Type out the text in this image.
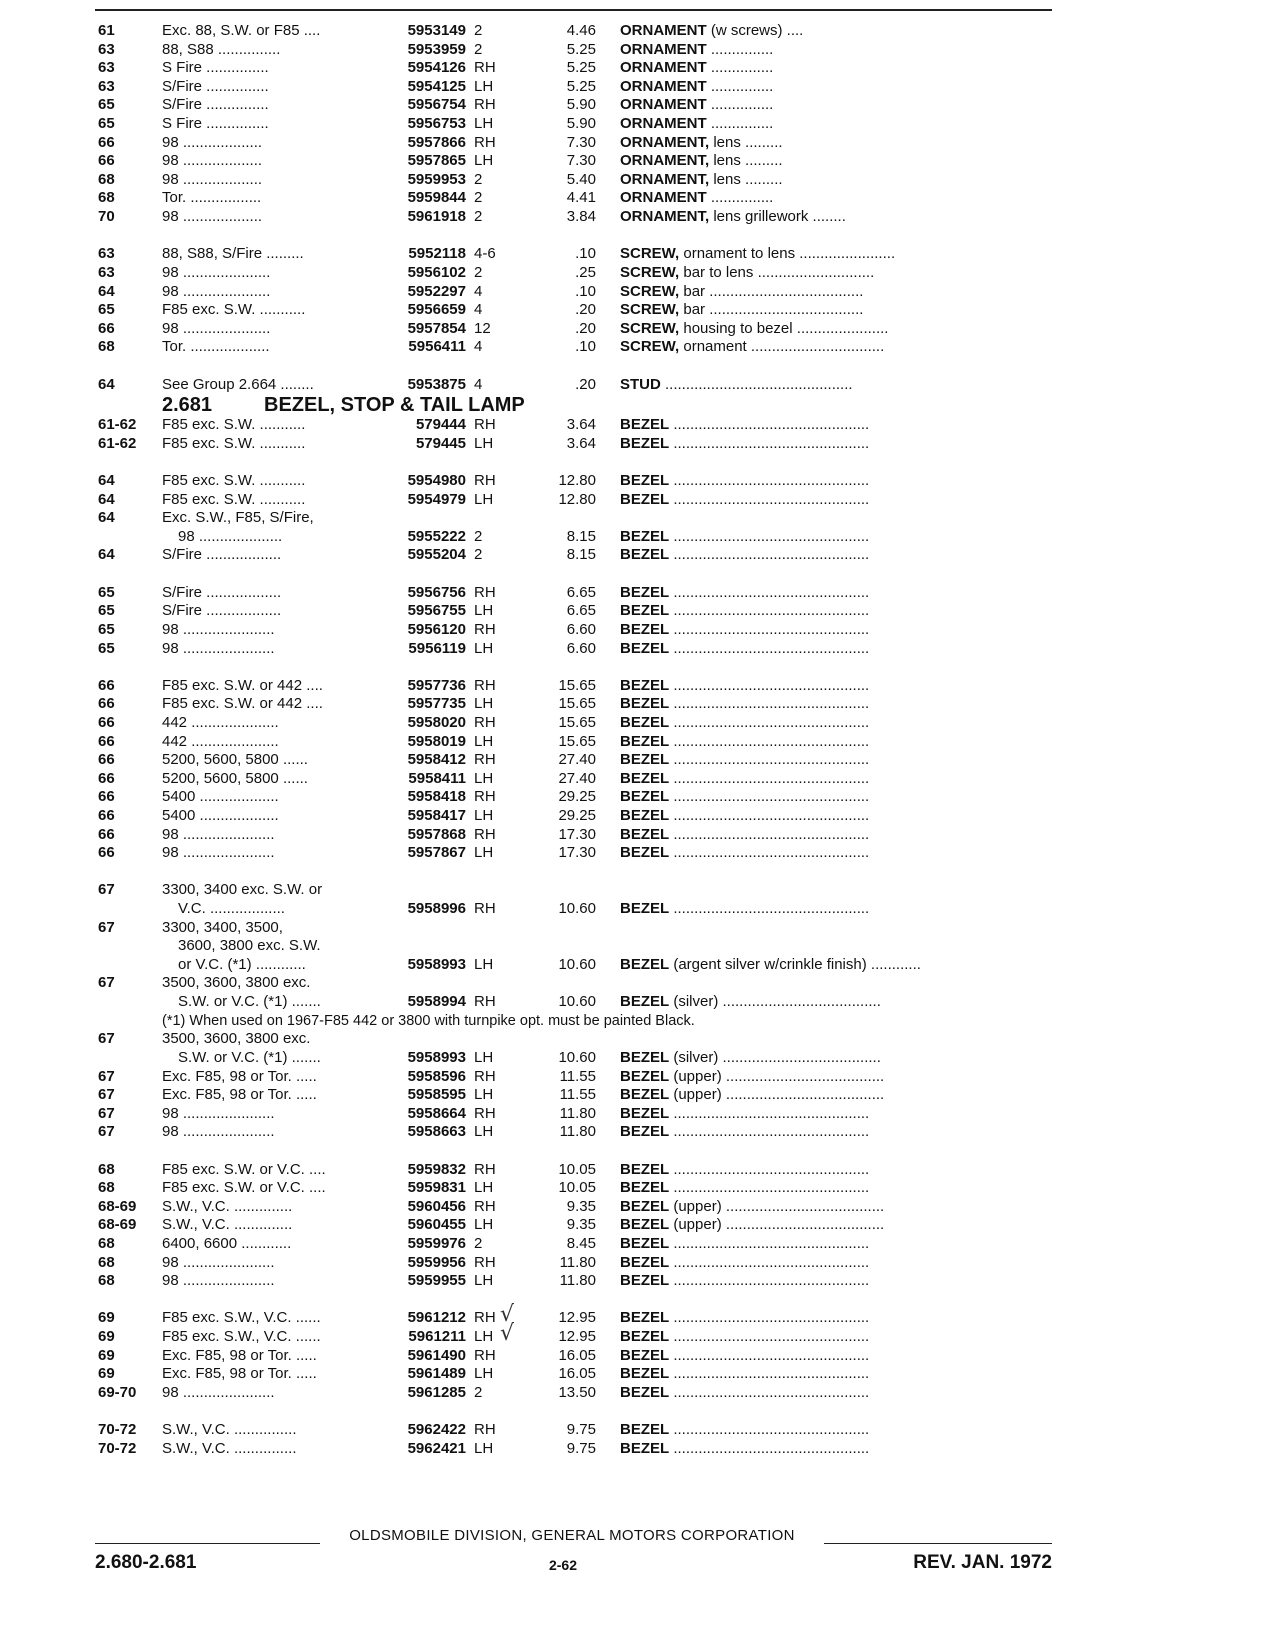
61	Exc. 88, S.W. or F85 ....	5953149 2	4.46 ORNAMENT (w screws) ....
63	88, S88 ...............	5953959 2	5.25 ORNAMENT ...............
63	S Fire ...............	5954126 RH	5.25 ORNAMENT ...............
63	S/Fire ...............	5954125 LH	5.25 ORNAMENT ...............
65	S/Fire ...............	5956754 RH	5.90 ORNAMENT ...............
65	S Fire ...............	5956753 LH	5.90 ORNAMENT ...............
66	98 ...................	5957866 RH	7.30 ORNAMENT, lens .........
66	98 ...................	5957865 LH	7.30 ORNAMENT, lens .........
68	98 ...................	5959953 2	5.40 ORNAMENT, lens .........
68	Tor. .................	5959844 2	4.41 ORNAMENT ...............
70	98 ...................	5961918 2	3.84 ORNAMENT, lens grillework ........
63	88, S88, S/Fire .........	5952118 4-6	.10 SCREW, ornament to lens .......................
63	98 .....................	5956102 2	.25 SCREW, bar to lens ............................
64	98 .....................	5952297 4	.10 SCREW, bar .....................................
65	F85 exc. S.W. ...........	5956659 4	.20 SCREW, bar .....................................
66	98 .....................	5957854 12	.20 SCREW, housing to bezel ......................
68	Tor. ...................	5956411 4	.10 SCREW, ornament ................................
64	See Group 2.664 ........	5953875 4	.20 STUD .............................................
2.681	BEZEL, STOP & TAIL LAMP
61-62 F85 exc. S.W. ...........	579444 RH	3.64 BEZEL ...............................................
61-62 F85 exc. S.W. ...........	579445 LH	3.64 BEZEL ...............................................
64	F85 exc. S.W. ...........	5954980 RH	12.80 BEZEL ...............................................
64	F85 exc. S.W. ...........	5954979 LH	12.80 BEZEL ...............................................
64	Exc. S.W., F85, S/Fire,
98 ....................	5955222 2	8.15 BEZEL ...............................................
64	S/Fire ..................	5955204 2	8.15 BEZEL ...............................................
65	S/Fire ..................	5956756 RH	6.65 BEZEL ...............................................
65	S/Fire ..................	5956755 LH	6.65 BEZEL ...............................................
65	98 ......................	5956120 RH	6.60 BEZEL ...............................................
65	98 ......................	5956119 LH	6.60 BEZEL ...............................................
66	F85 exc. S.W. or 442 ....	5957736 RH	15.65 BEZEL ...............................................
66	F85 exc. S.W. or 442 ....	5957735 LH	15.65 BEZEL ...............................................
66	442 .....................	5958020 RH	15.65 BEZEL ...............................................
66	442 .....................	5958019 LH	15.65 BEZEL ...............................................
66	5200, 5600, 5800 ......	5958412 RH	27.40 BEZEL ...............................................
66	5200, 5600, 5800 ......	5958411 LH	27.40 BEZEL ...............................................
66	5400 ...................	5958418 RH	29.25 BEZEL ...............................................
66	5400 ...................	5958417 LH	29.25 BEZEL ...............................................
66	98 ......................	5957868 RH	17.30 BEZEL ...............................................
66	98 ......................	5957867 LH	17.30 BEZEL ...............................................
67	3300, 3400 exc. S.W. or
V.C. ..................	5958996 RH	10.60 BEZEL ...............................................
67	3300, 3400, 3500,
3600, 3800 exc. S.W.
or V.C. (*1) ............	5958993 LH	10.60 BEZEL (argent silver w/crinkle finish) ............
67	3500, 3600, 3800 exc.
S.W. or V.C. (*1) .......	5958994 RH	10.60 BEZEL (silver) ......................................
(*1) When used on 1967-F85 442 or 3800 with turnpike opt. must be painted Black.
67	3500, 3600, 3800 exc.
S.W. or V.C. (*1) .......	5958993 LH	10.60 BEZEL (silver) ......................................
67	Exc. F85, 98 or Tor. .....	5958596 RH	11.55 BEZEL (upper) ......................................
67	Exc. F85, 98 or Tor. .....	5958595 LH	11.55 BEZEL (upper) ......................................
67	98 ......................	5958664 RH	11.80 BEZEL ...............................................
67	98 ......................	5958663 LH	11.80 BEZEL ...............................................
68	F85 exc. S.W. or V.C. ....	5959832 RH	10.05 BEZEL ...............................................
68	F85 exc. S.W. or V.C. ....	5959831 LH	10.05 BEZEL ...............................................
68-69 S.W., V.C. ..............	5960456 RH	9.35 BEZEL (upper) ......................................
68-69 S.W., V.C. ..............	5960455 LH	9.35 BEZEL (upper) ......................................
68	6400, 6600 ............	5959976 2	8.45 BEZEL ...............................................
68	98 ......................	5959956 RH	11.80 BEZEL ...............................................
68	98 ......................	5959955 LH	11.80 BEZEL ...............................................
69	F85 exc. S.W., V.C. ......	5961212 RH	12.95 BEZEL ...............................................
√
69	F85 exc. S.W., V.C. ......	5961211 LH	12.95 BEZEL ...............................................
√
69	Exc. F85, 98 or Tor. .....	5961490 RH	16.05 BEZEL ...............................................
69	Exc. F85, 98 or Tor. .....	5961489 LH	16.05 BEZEL ...............................................
69-70 98 ......................	5961285 2	13.50 BEZEL ...............................................
70-72 S.W., V.C. ...............	5962422 RH	9.75 BEZEL ...............................................
70-72 S.W., V.C. ...............	5962421 LH	9.75 BEZEL ...............................................
OLDSMOBILE DIVISION, GENERAL MOTORS CORPORATION
2.680-2.681	2-62	REV. JAN. 1972
